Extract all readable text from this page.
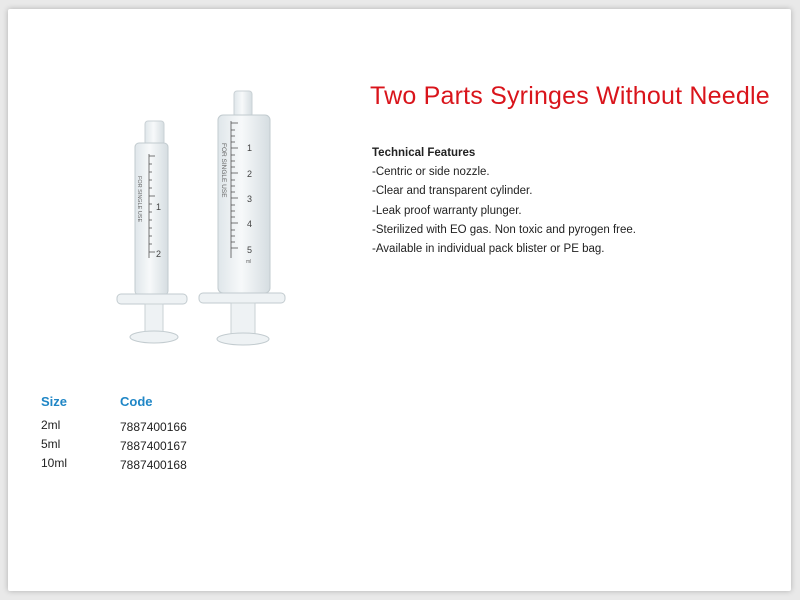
Two Parts Syringes Without Needle
Technical Features
-Centric or side nozzle.
-Clear and transparent cylinder.
-Leak proof warranty plunger.
-Sterilized with EO gas. Non toxic and pyrogen free.
-Available in individual pack blister or PE bag.
1
2
FOR SINGLE USE
1
2
3
4
5
ml
FOR SINGLE USE
Size	Code
2ml	7887400166
5ml	7887400167
10ml	7887400168
